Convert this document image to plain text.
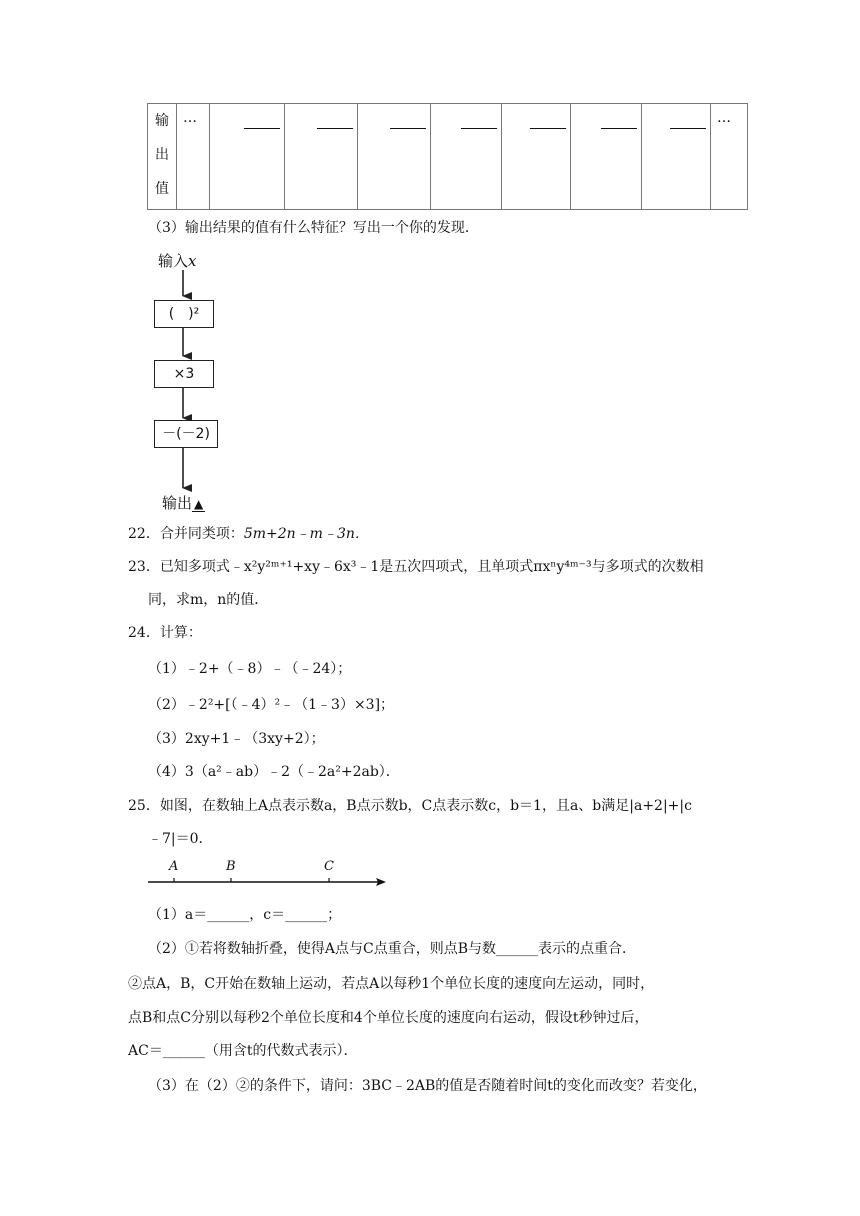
输
出
值
	…								…
（3）输出结果的值有什么特征？写出一个你的发现．
输入x
(　)²
×3
－(－2)
输出 ▲
22．合并同类项：5m+2n﹣m﹣3n．
23．已知多项式﹣x²y²ᵐ⁺¹+xy﹣6x³﹣1是五次四项式，且单项式πxⁿy⁴ᵐ⁻³与多项式的次数相
同，求m，n的值．
24．计算：
（1）﹣2+（﹣8）﹣（﹣24）；
（2）﹣2²+[（﹣4）²﹣（1﹣3）×3]；
（3）2xy+1﹣（3xy+2）；
（4）3（a²﹣ab）﹣2（﹣2a²+2ab）．
25．如图，在数轴上A点表示数a，B点示数b，C点表示数c，b＝1，且a、b满足|a+2|+|c
﹣7|＝0．
A	B	C
（1）a＝______，c＝______；
（2）①若将数轴折叠，使得A点与C点重合，则点B与数______表示的点重合．
②点A，B，C开始在数轴上运动，若点A以每秒1个单位长度的速度向左运动，同时，
点B和点C分别以每秒2个单位长度和4个单位长度的速度向右运动，假设t秒钟过后，
AC＝______（用含t的代数式表示）．
（3）在（2）②的条件下，请问：3BC﹣2AB的值是否随着时间t的变化而改变？若变化，
